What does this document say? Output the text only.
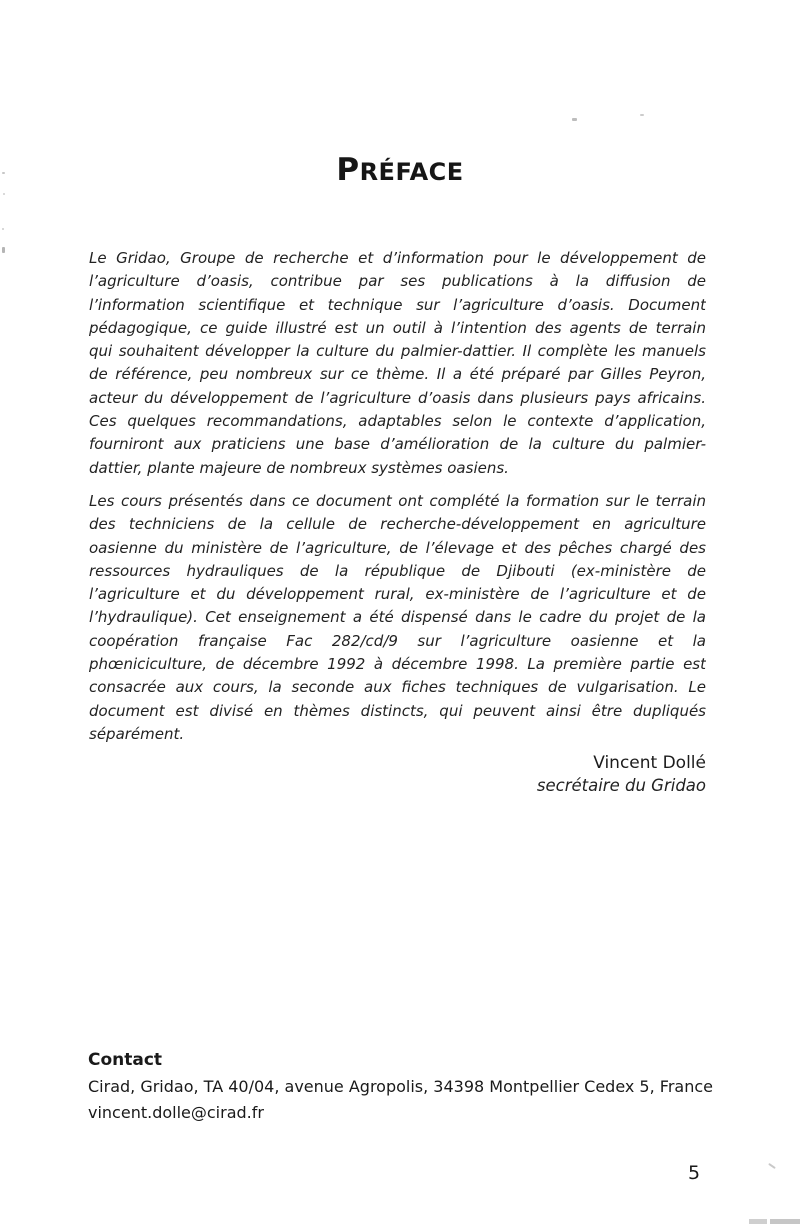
PRÉFACE
Le Gridao, Groupe de recherche et d’information pour le développement de
l’agriculture d’oasis, contribue par ses publications à la diffusion de
l’information scientifique et technique sur l’agriculture d’oasis. Document
pédagogique, ce guide illustré est un outil à l’intention des agents de terrain
qui souhaitent développer la culture du palmier-dattier. Il complète les manuels
de référence, peu nombreux sur ce thème. Il a été préparé par Gilles Peyron,
acteur du développement de l’agriculture d’oasis dans plusieurs pays africains.
Ces quelques recommandations, adaptables selon le contexte d’application,
fourniront aux praticiens une base d’amélioration de la culture du palmier-
dattier, plante majeure de nombreux systèmes oasiens.
Les cours présentés dans ce document ont complété la formation sur le terrain
des techniciens de la cellule de recherche-développement en agriculture
oasienne du ministère de l’agriculture, de l’élevage et des pêches chargé des
ressources hydrauliques de la république de Djibouti (ex-ministère de
l’agriculture et du développement rural, ex-ministère de l’agriculture et de
l’hydraulique). Cet enseignement a été dispensé dans le cadre du projet de la
coopération française Fac 282/cd/9 sur l’agriculture oasienne et la
phœniciculture, de décembre 1992 à décembre 1998. La première partie est
consacrée aux cours, la seconde aux fiches techniques de vulgarisation. Le
document est divisé en thèmes distincts, qui peuvent ainsi être dupliqués
séparément.
Vincent Dollé
secrétaire du Gridao
Contact
Cirad, Gridao, TA 40/04, avenue Agropolis, 34398 Montpellier Cedex 5, France
vincent.dolle@cirad.fr
5
